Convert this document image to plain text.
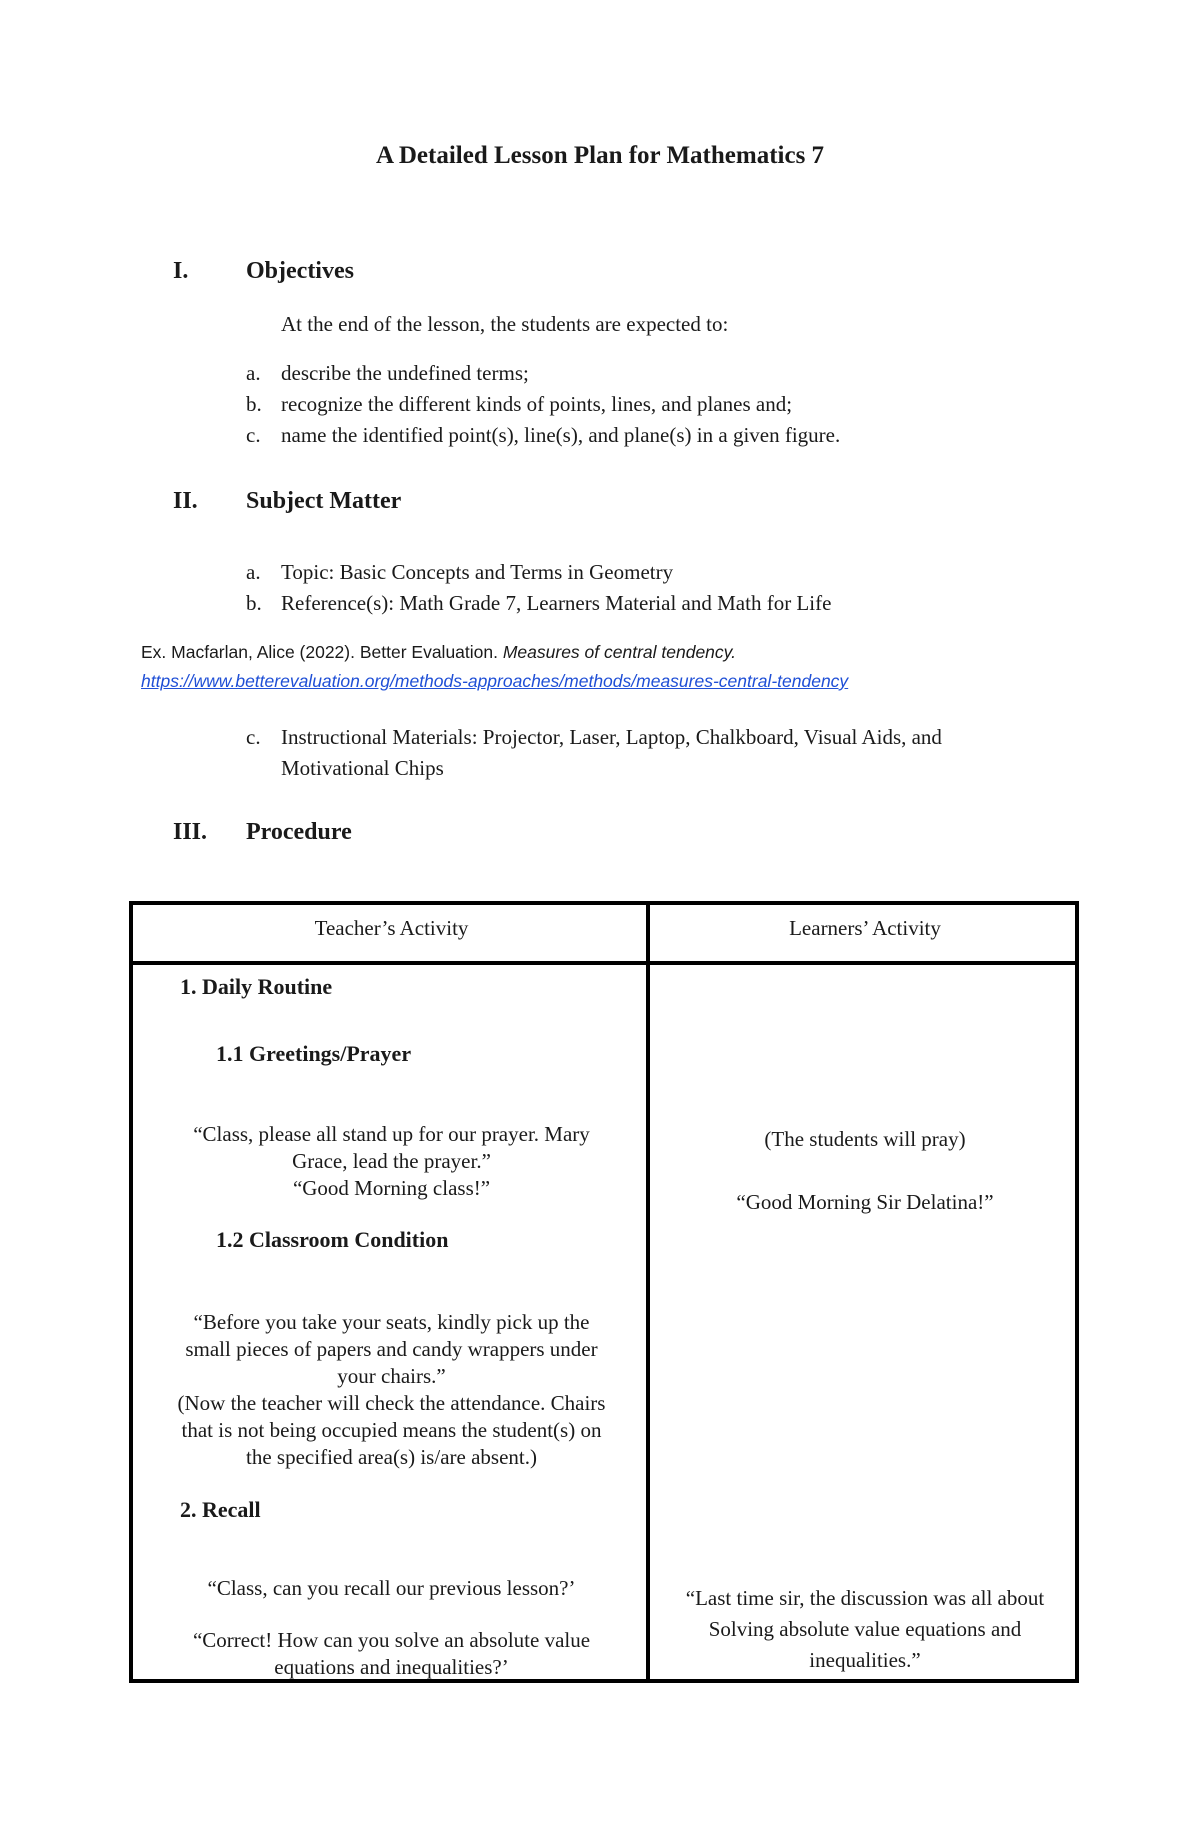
A Detailed Lesson Plan for Mathematics 7
I. Objectives
At the end of the lesson, the students are expected to:
a. describe the undefined terms;
b. recognize the different kinds of points, lines, and planes and;
c. name the identified point(s), line(s), and plane(s) in a given figure.
II. Subject Matter
a. Topic: Basic Concepts and Terms in Geometry
b. Reference(s): Math Grade 7, Learners Material and Math for Life
Ex. Macfarlan, Alice (2022). Better Evaluation. Measures of central tendency.
https://www.betterevaluation.org/methods-approaches/methods/measures-central-tendency
c. Instructional Materials: Projector, Laser, Laptop, Chalkboard, Visual Aids, and
Motivational Chips
III. Procedure
Teacher’s Activity	Learners’ Activity
1. Daily Routine
1.1 Greetings/Prayer
“Class, please all stand up for our prayer. Mary
Grace, lead the prayer.”
“Good Morning class!”
1.2 Classroom Condition
“Before you take your seats, kindly pick up the
small pieces of papers and candy wrappers under
your chairs.”
(Now the teacher will check the attendance. Chairs
that is not being occupied means the student(s) on
the specified area(s) is/are absent.)
2. Recall
“Class, can you recall our previous lesson?’
“Correct! How can you solve an absolute value
equations and inequalities?’
(The students will pray)
“Good Morning Sir Delatina!”
“Last time sir, the discussion was all about
Solving absolute value equations and
inequalities.”
